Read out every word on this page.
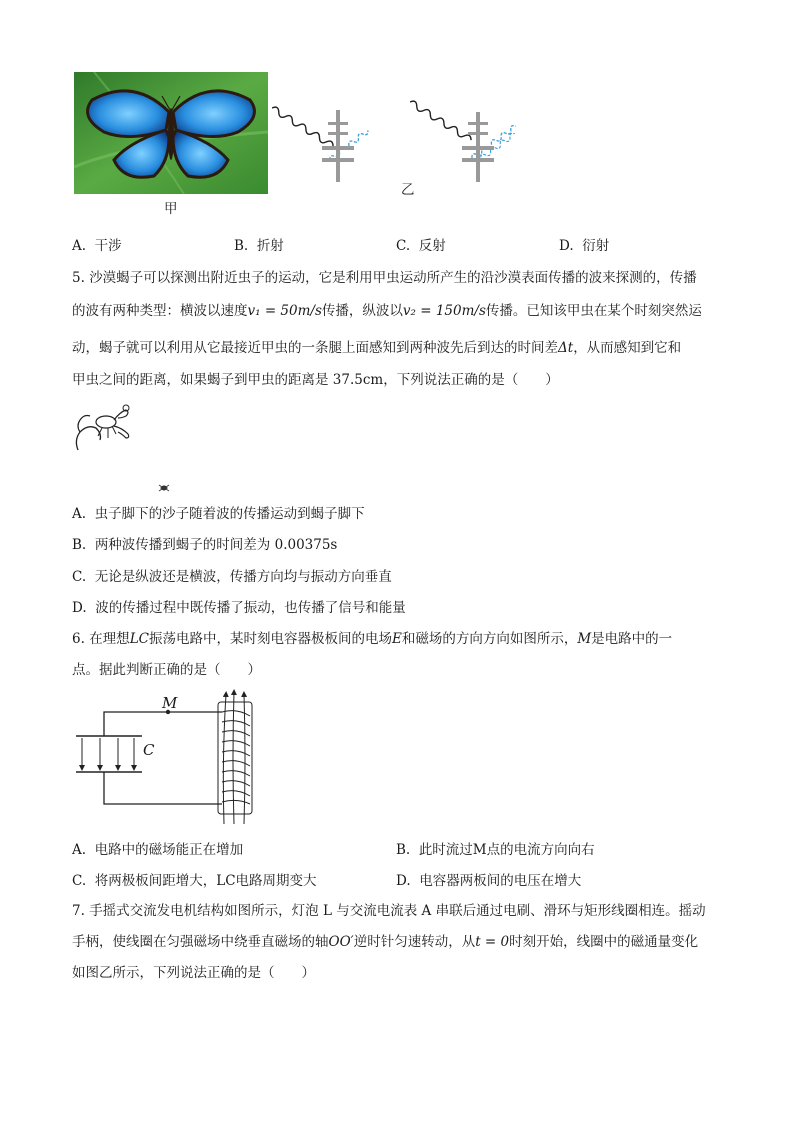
甲
乙
A. 干涉	B. 折射	C. 反射	D. 衍射
5. 沙漠蝎子可以探测出附近虫子的运动，它是利用甲虫运动所产生的沿沙漠表面传播的波来探测的，传播
的波有两种类型：横波以速度v₁ = 50m/s传播，纵波以v₂ = 150m/s传播。已知该甲虫在某个时刻突然运
动，蝎子就可以利用从它最接近甲虫的一条腿上面感知到两种波先后到达的时间差Δt，从而感知到它和
甲虫之间的距离，如果蝎子到甲虫的距离是 37.5cm，下列说法正确的是（　　）
A. 虫子脚下的沙子随着波的传播运动到蝎子脚下
B. 两种波传播到蝎子的时间差为 0.00375s
C. 无论是纵波还是横波，传播方向均与振动方向垂直
D. 波的传播过程中既传播了振动，也传播了信号和能量
6. 在理想LC振荡电路中，某时刻电容器极板间的电场E和磁场的方向方向如图所示，M是电路中的一
点。据此判断正确的是（　　）
M
C
A. 电路中的磁场能正在增加	B. 此时流过M点的电流方向向右
C. 将两极板间距增大，LC电路周期变大	D. 电容器两板间的电压在增大
7. 手摇式交流发电机结构如图所示，灯泡 L 与交流电流表 A 串联后通过电刷、滑环与矩形线圈相连。摇动
手柄，使线圈在匀强磁场中绕垂直磁场的轴OO′逆时针匀速转动，从t = 0时刻开始，线圈中的磁通量变化
如图乙所示，下列说法正确的是（　　）
